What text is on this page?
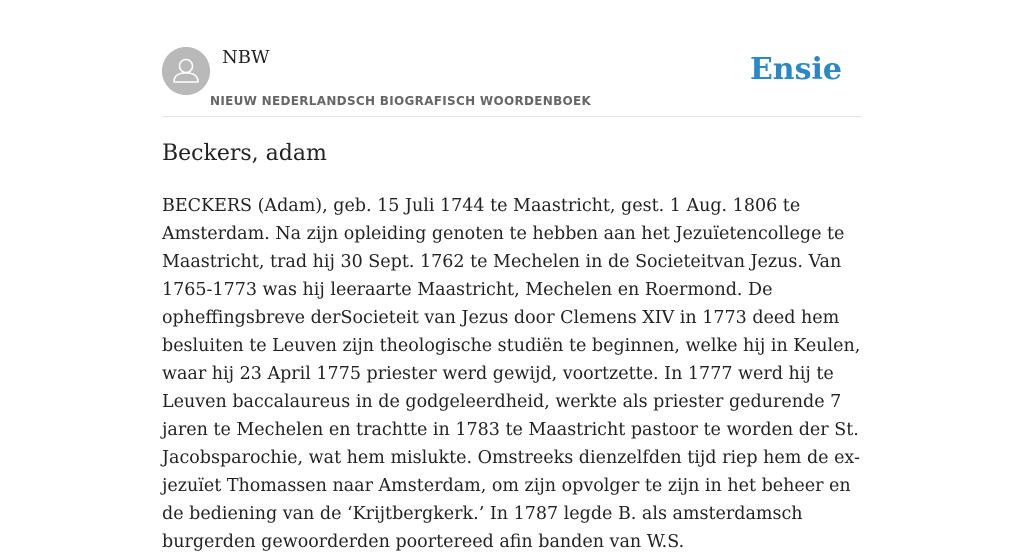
NBW
NIEUW NEDERLANDSCH BIOGRAFISCH WOORDENBOEK
Ensie
Beckers, adam

BECKERS (Adam), geb. 15 Juli 1744 te Maastricht, gest. 1 Aug. 1806 te Amsterdam. Na zijn opleiding genoten te hebben aan het Jezuïetencollege te Maastricht, trad hij 30 Sept. 1762 te Mechelen in de Societeitvan Jezus. Van 1765-1773 was hij leeraarte Maastricht, Mechelen en Roermond. De opheffingsbreve derSocieteit van Jezus door Clemens XIV in 1773 deed hem besluiten te Leuven zijn theologische studiën te beginnen, welke hij in Keulen, waar hij 23 April 1775 priester werd gewijd, voortzette. In 1777 werd hij te Leuven baccalaureus in de godgeleerdheid, werkte als priester gedurende 7 jaren te Mechelen en trachtte in 1783 te Maastricht pastoor te worden der St. Jacobsparochie, wat hem mislukte. Omstreeks dienzelfden tijd riep hem de ex-jezuïet Thomassen naar Amsterdam, om zijn opvolger te zijn in het beheer en de bediening van de ‘Krijtbergkerk.’ In 1787 legde B. als amsterdamsch burgerden gewoorderden poortereed afin banden van W.S.
